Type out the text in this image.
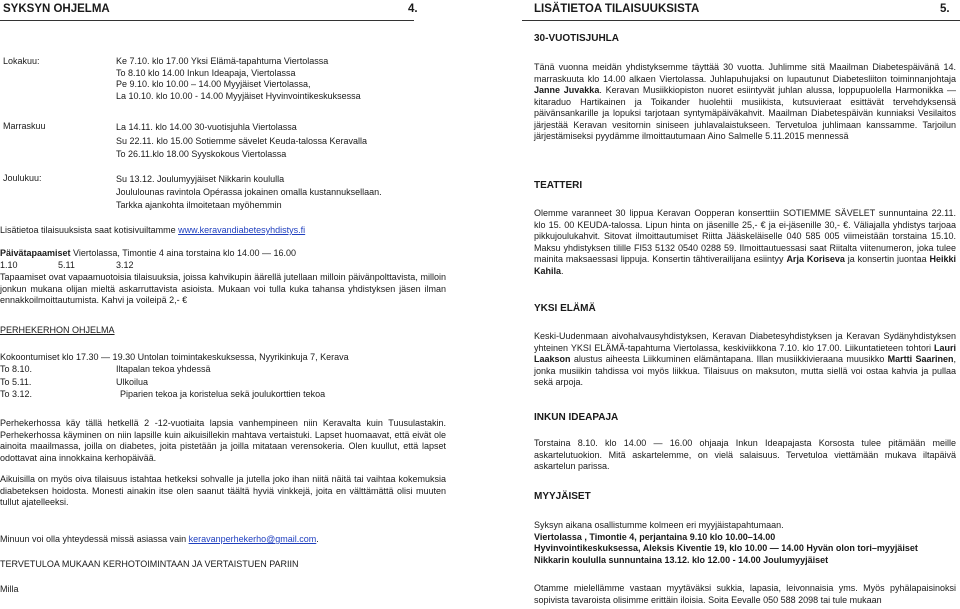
SYKSYN OHJELMA	4.
Lokakuu:	Ke 7.10. klo 17.00 Yksi Elämä-tapahtuma Viertolassa
To 8.10 klo 14.00 Inkun Ideapaja, Viertolassa
Pe 9.10. klo 10.00 – 14.00 Myyjäiset Viertolassa,
La 10.10. klo 10.00 - 14.00 Myyjäiset Hyvinvointikeskuksessa
Marraskuu	La 14.11. klo 14.00 30-vuotisjuhla Viertolassa
Su 22.11. klo 15.00 Sotiemme sävelet Keuda-talossa Keravalla
To 26.11.klo 18.00 Syyskokous Viertolassa
Joulukuu:	Su 13.12. Joulumyyjäiset Nikkarin koululla
Joululounas ravintola Opérassa jokainen omalla kustannuksellaan.
Tarkka ajankohta ilmoitetaan myöhemmin
Lisätietoa tilaisuuksista saat kotisivuiltamme www.keravandiabetesyhdistys.fi
Päivätapaamiset Viertolassa, Timontie 4 aina torstaina klo 14.00 — 16.00
1.10	5.11	3.12
Tapaamiset ovat vapaamuotoisia tilaisuuksia, joissa kahvikupin äärellä jutellaan milloin päivänpolttavista, milloin jonkun mukana olijan mieltä askarruttavista asioista. Mukaan voi tulla kuka tahansa yhdistyksen jäsen ilman ennakkoilmoittautumista. Kahvi ja voileipä 2,- €
PERHEKERHON OHJELMA
Kokoontumiset klo 17.30 — 19.30 Untolan toimintakeskuksessa, Nyyrikinkuja 7, Kerava
To 8.10.	Iltapalan tekoa yhdessä
To 5.11.	Ulkoilua
To 3.12.	Piparien tekoa ja koristelua sekä joulukorttien tekoa
Perhekerhossa käy tällä hetkellä 2 -12-vuotiaita lapsia vanhempineen niin Keravalta kuin Tuusulastakin. Perhekerhossa käyminen on niin lapsille kuin aikuisillekin mahtava vertaistuki. Lapset huomaavat, että eivät ole ainoita maailmassa, joilla on diabetes, joita pistetään ja joilla mitataan verensokeria. Olen kuullut, että lapset odottavat aina innokkaina kerhopäivää.
Aikuisilla on myös oiva tilaisuus istahtaa hetkeksi sohvalle ja jutella joko ihan niitä näitä tai vaihtaa kokemuksia diabeteksen hoidosta. Monesti ainakin itse olen saanut täältä hyviä vinkkejä, joita en välttämättä olisi muuten tullut ajatelleeksi.
Minuun voi olla yhteydessä missä asiassa vain keravanperhekerho@gmail.com.
TERVETULOA MUKAAN KERHOTOIMINTAAN JA VERTAISTUEN PARIIN
Milla
LISÄTIETOA TILAISUUKSISTA	5.
30-VUOTISJUHLA
Tänä vuonna meidän yhdistyksemme täyttää 30 vuotta. Juhlimme sitä Maailman Diabetespäivänä 14. marraskuuta klo 14.00 alkaen Viertolassa. Juhlapuhujaksi on lupautunut Diabetesliiton toiminnanjohtaja Janne Juvakka. Keravan Musiikkiopiston nuoret esiintyvät juhlan alussa, loppupuolella Harmonikka — kitaraduo Hartikainen ja Toikander huolehtii musiikista, kutsuvieraat esittävät tervehdyksensä päivänsankarille ja lopuksi tarjotaan syntymäpäiväkahvit. Maailman Diabetespäivän kunniaksi Vesilaitos järjestää Keravan vesitornin siniseen juhlavalaistukseen. Tervetuloa juhlimaan kanssamme. Tarjoilun järjestämiseksi pyydämme ilmoittautumaan Aino Salmelle 5.11.2015 mennessä
TEATTERI
Olemme varanneet 30 lippua Keravan Oopperan konserttiin SOTIEMME SÄVELET sunnuntaina 22.11. klo 15. 00 KEUDA-talossa. Lipun hinta on jäsenille 25,- € ja ei-jäsenille 30,- €. Väliajalla yhdistys tarjoaa pikkujoulukahvit. Sitovat ilmoittautumiset Riitta Jääskeläiselle 040 585 005 viimeistään torstaina 15.10. Maksu yhdistyksen tilille FI53 5132 0540 0288 59. Ilmoittautuessasi saat Riitalta viitenumeron, joka tulee mainita maksaessasi lippuja. Konsertin tähtiverailijana esiintyy Arja Koriseva ja konsertin juontaa Heikki Kahila.
YKSI ELÄMÄ
Keski-Uudenmaan aivohalvausyhdistyksen, Keravan Diabetesyhdistyksen ja Keravan Sydänyhdistyksen yhteinen YKSI ELÄMÄ-tapahtuma Viertolassa, keskiviikkona 7.10. klo 17.00. Liikuntatieteen tohtori Lauri Laakson alustus aiheesta Liikkuminen elämäntapana. Illan musiikkivieraana muusikko Martti Saarinen, jonka musiikin tahdissa voi myös liikkua. Tilaisuus on maksuton, mutta siellä voi ostaa kahvia ja pullaa sekä arpoja.
INKUN IDEAPAJA
Torstaina 8.10. klo 14.00 — 16.00 ohjaaja Inkun Ideapajasta Korsosta tulee pitämään meille askartelutuokion. Mitä askartelemme, on vielä salaisuus. Tervetuloa viettämään mukava iltapäivä askartelun parissa.
MYYJÄISET
Syksyn aikana osallistumme kolmeen eri myyjäistapahtumaan.
Viertolassa , Timontie 4, perjantaina 9.10 klo 10.00–14.00
Hyvinvointikeskuksessa, Aleksis Kiventie 19, klo 10.00 — 14.00 Hyvän olon tori–myyjäiset
Nikkarin koululla sunnuntaina 13.12. klo 12.00 - 14.00 Joulumyyjäiset
Otamme mielellämme vastaan myytäväksi sukkia, lapasia, leivonnaisia yms. Myös pyhälapaisinoksi sopivista tavaroista olisimme erittäin iloisia. Soita Eevalle 050 588 2098 tai tule mukaan
